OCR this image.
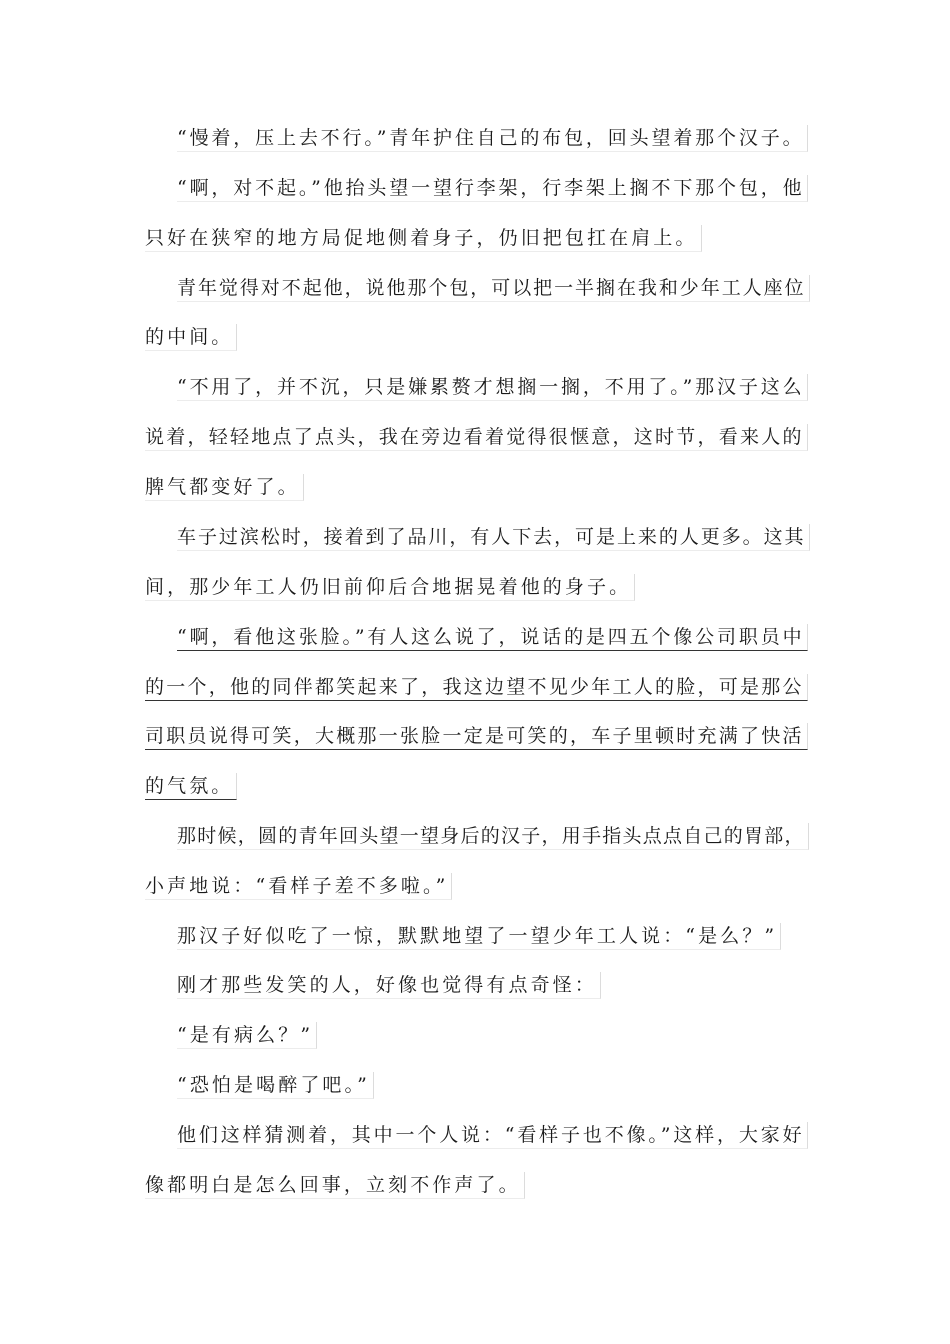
“慢着，压上去不行。”青年护住自己的布包，回头望着那个汉子。
“啊，对不起。”他抬头望一望行李架，行李架上搁不下那个包，他
只好在狭窄的地方局促地侧着身子，仍旧把包扛在肩上。
青年觉得对不起他，说他那个包，可以把一半搁在我和少年工人座位
的中间。
“不用了，并不沉，只是嫌累赘才想搁一搁，不用了。”那汉子这么
说着，轻轻地点了点头，我在旁边看着觉得很惬意，这时节，看来人的
脾气都变好了。
车子过滨松时，接着到了品川，有人下去，可是上来的人更多。这其
间，那少年工人仍旧前仰后合地据晃着他的身子。
“啊，看他这张脸。”有人这么说了，说话的是四五个像公司职员中
的一个，他的同伴都笑起来了，我这边望不见少年工人的脸，可是那公
司职员说得可笑，大概那一张脸一定是可笑的，车子里顿时充满了快活
的气氛。
那时候，圆的青年回头望一望身后的汉子，用手指头点点自己的胃部，
小声地说：“看样子差不多啦。”
那汉子好似吃了一惊，默默地望了一望少年工人说：“是么？”
刚才那些发笑的人，好像也觉得有点奇怪：
“是有病么？”
“恐怕是喝醉了吧。”
他们这样猜测着，其中一个人说：“看样子也不像。”这样，大家好
像都明白是怎么回事，立刻不作声了。
